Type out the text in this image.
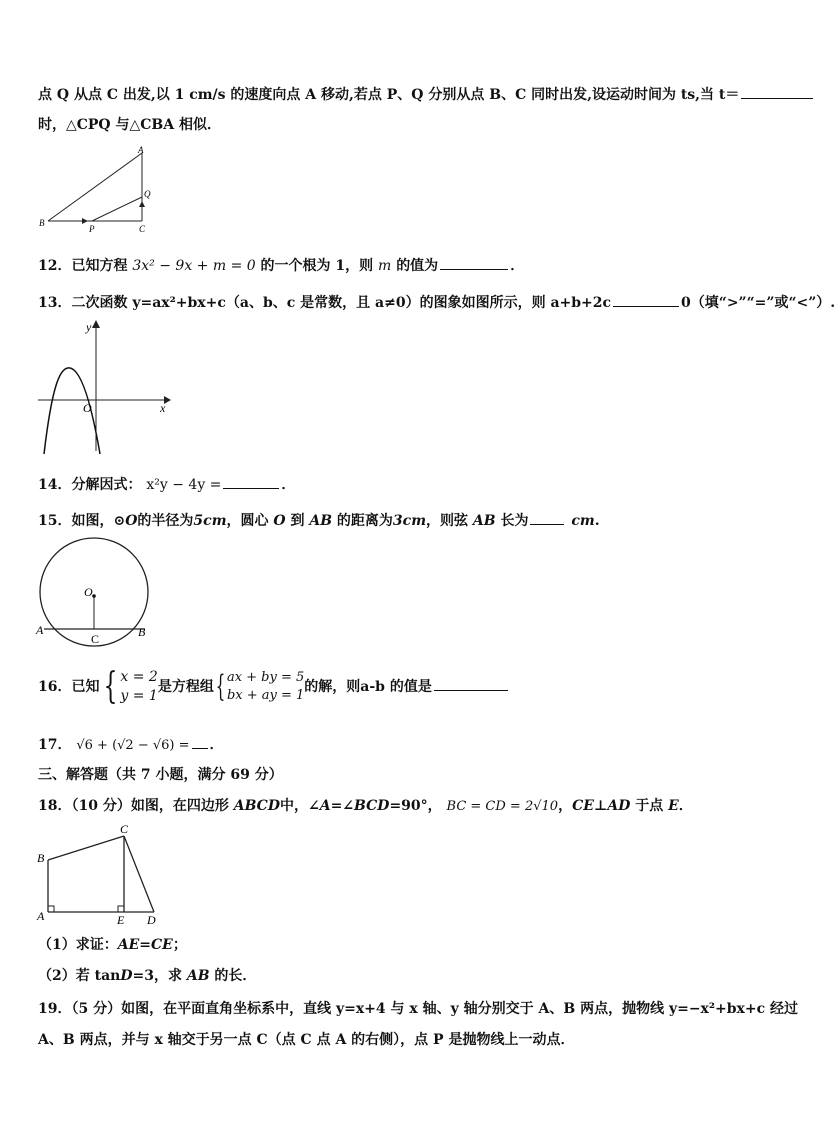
点 Q 从点 C 出发,以 1 cm/s 的速度向点 A 移动,若点 P、Q 分别从点 B、C 同时出发,设运动时间为 ts,当 t＝
时，△CPQ 与△CBA 相似．
A
B
C
P
Q
12．已知方程 3x² − 9x + m = 0 的一个根为 1，则 m 的值为	．
13．二次函数 y=ax²+bx+c（a、b、c 是常数，且 a≠0）的图象如图所示，则 a+b+2c	0（填“>”“=”或“<”）.
y
x
O
14．分解因式： x²y − 4y =	．
15．如图，⊙O的半径为5cm，圆心 O 到 AB 的距离为3cm，则弦 AB 长为	cm.
O
A	B
C
16．已知 { x = 2
y = 1
是方程组{ ax + by = 5
bx + ay = 1
的解，则a-b 的值是
17． √6 + (√2 − √6) = ．
三、解答题（共 7 小题，满分 69 分）
18．（10 分）如图，在四边形 ABCD中，∠A=∠BCD=90°， BC = CD = 2√10，CE⊥AD 于点 E．
A
B
C
D
E
（1）求证：AE=CE；
（2）若 tanD=3，求 AB 的长．
19．（5 分）如图，在平面直角坐标系中，直线 y=x+4 与 x 轴、y 轴分别交于 A、B 两点，抛物线 y=−x²+bx+c 经过
A、B 两点，并与 x 轴交于另一点 C（点 C 点 A 的右侧），点 P 是抛物线上一动点．
